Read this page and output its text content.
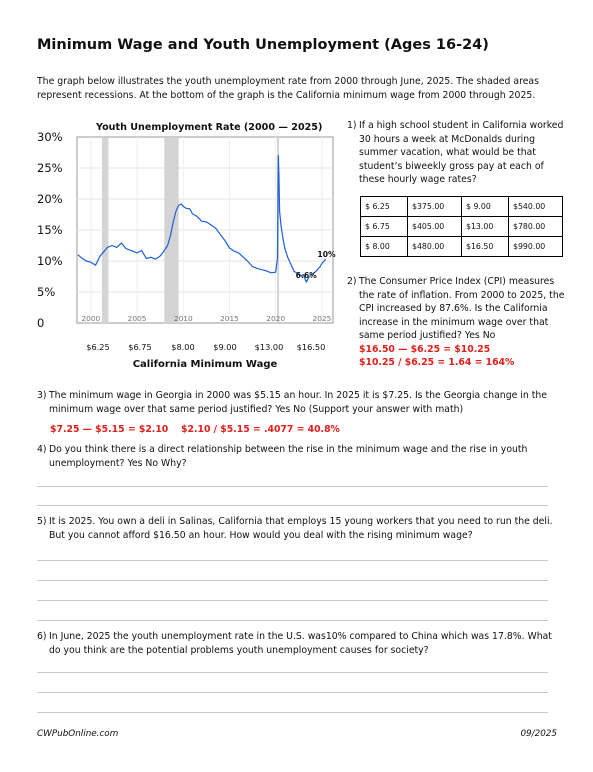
Minimum Wage and Youth Unemployment (Ages 16-24)
The graph below illustrates the youth unemployment rate from 2000 through June, 2025. The shaded areas represent recessions. At the bottom of the graph is the California minimum wage from 2000 through 2025.
Youth Unemployment Rate (2000 — 2025)
30%
25%
20%
15%
10%
5%
0	2000	2005	2010	2015	2020	2025
10%
6.6%
$6.25 $6.75 $8.00 $9.00 $13.00 $16.50
California Minimum Wage
1) If a high school student in California worked 30 hours a week at McDonalds during summer vacation, what would be that student’s biweekly gross pay at each of these hourly wage rates?
$ 6.25	$375.00	$ 9.00	$540.00
$ 6.75	$405.00	$13.00	$780.00
$ 8.00	$480.00	$16.50	$990.00
2) The Consumer Price Index (CPI) measures the rate of inflation. From 2000 to 2025, the CPI increased by 87.6%. Is the California increase in the minimum wage over that same period justified? Yes No
$16.50 — $6.25 = $10.25
$10.25 / $6.25 = 1.64 = 164%
3) The minimum wage in Georgia in 2000 was $5.15 an hour. In 2025 it is $7.25. Is the Georgia change in the minimum wage over that same period justified? Yes No (Support your answer with math)
$7.25 — $5.15 = $2.10 $2.10 / $5.15 = .4077 = 40.8%
4) Do you think there is a direct relationship between the rise in the minimum wage and the rise in youth unemployment? Yes No Why?
5) It is 2025. You own a deli in Salinas, California that employs 15 young workers that you need to run the deli. But you cannot afford $16.50 an hour. How would you deal with the rising minimum wage?
6) In June, 2025 the youth unemployment rate in the U.S. was10% compared to China which was 17.8%. What do you think are the potential problems youth unemployment causes for society?
CWPubOnline.com	09/2025
